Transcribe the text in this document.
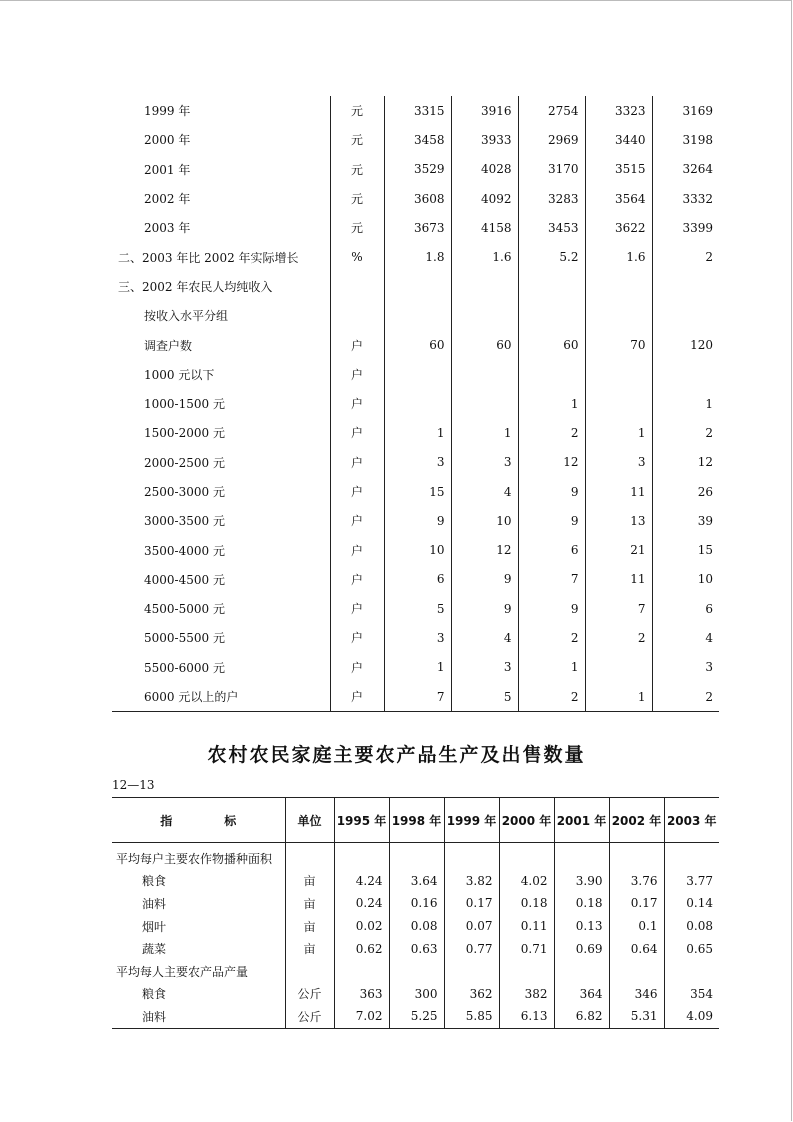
1999 年	元	3315	3916	2754	3323	3169
2000 年	元	3458	3933	2969	3440	3198
2001 年	元	3529	4028	3170	3515	3264
2002 年	元	3608	4092	3283	3564	3332
2003 年	元	3673	4158	3453	3622	3399
二、2003 年比 2002 年实际增长	%	1.8	1.6	5.2	1.6	2
三、2002 年农民人均纯收入						
按收入水平分组						
调查户数	户	60	60	60	70	120
1000 元以下	户					
1000-1500 元	户			1		1
1500-2000 元	户	1	1	2	1	2
2000-2500 元	户	3	3	12	3	12
2500-3000 元	户	15	4	9	11	26
3000-3500 元	户	9	10	9	13	39
3500-4000 元	户	10	12	6	21	15
4000-4500 元	户	6	9	7	11	10
4500-5000 元	户	5	9	9	7	6
5000-5500 元	户	3	4	2	2	4
5500-6000 元	户	1	3	1		3
6000 元以上的户	户	7	5	2	1	2
农村农民家庭主要农产品生产及出售数量
12—13
指 标	单位	1995 年	1998 年	1999 年	2000 年	2001 年	2002 年	2003 年
平均每户主要农作物播种面积								
粮食	亩	4.24	3.64	3.82	4.02	3.90	3.76	3.77
油料	亩	0.24	0.16	0.17	0.18	0.18	0.17	0.14
烟叶	亩	0.02	0.08	0.07	0.11	0.13	0.1	0.08
蔬菜	亩	0.62	0.63	0.77	0.71	0.69	0.64	0.65
平均每人主要农产品产量								
粮食	公斤	363	300	362	382	364	346	354
油料	公斤	7.02	5.25	5.85	6.13	6.82	5.31	4.09
